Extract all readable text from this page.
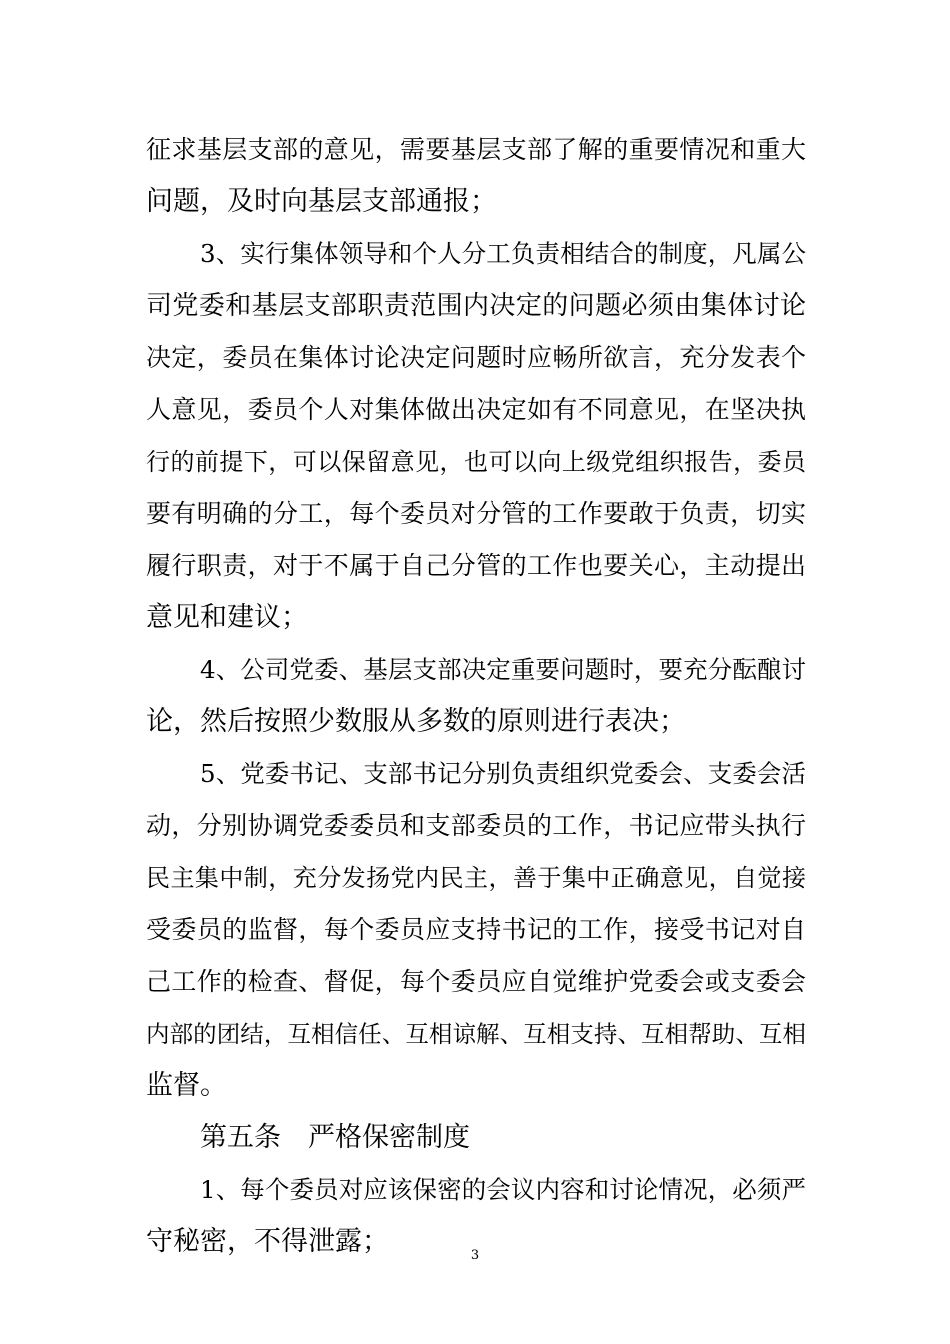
征求基层支部的意见，需要基层支部了解的重要情况和重大
问题，及时向基层支部通报；
3、实行集体领导和个人分工负责相结合的制度，凡属公
司党委和基层支部职责范围内决定的问题必须由集体讨论
决定，委员在集体讨论决定问题时应畅所欲言，充分发表个
人意见，委员个人对集体做出决定如有不同意见，在坚决执
行的前提下，可以保留意见，也可以向上级党组织报告，委员
要有明确的分工，每个委员对分管的工作要敢于负责，切实
履行职责，对于不属于自己分管的工作也要关心，主动提出
意见和建议；
4、公司党委、基层支部决定重要问题时，要充分酝酿讨
论，然后按照少数服从多数的原则进行表决；
5、党委书记、支部书记分别负责组织党委会、支委会活
动，分别协调党委委员和支部委员的工作，书记应带头执行
民主集中制，充分发扬党内民主，善于集中正确意见，自觉接
受委员的监督，每个委员应支持书记的工作，接受书记对自
己工作的检查、督促，每个委员应自觉维护党委会或支委会
内部的团结，互相信任、互相谅解、互相支持、互相帮助、互相
监督。
第五条　严格保密制度
1、每个委员对应该保密的会议内容和讨论情况，必须严
守秘密，不得泄露；	3
